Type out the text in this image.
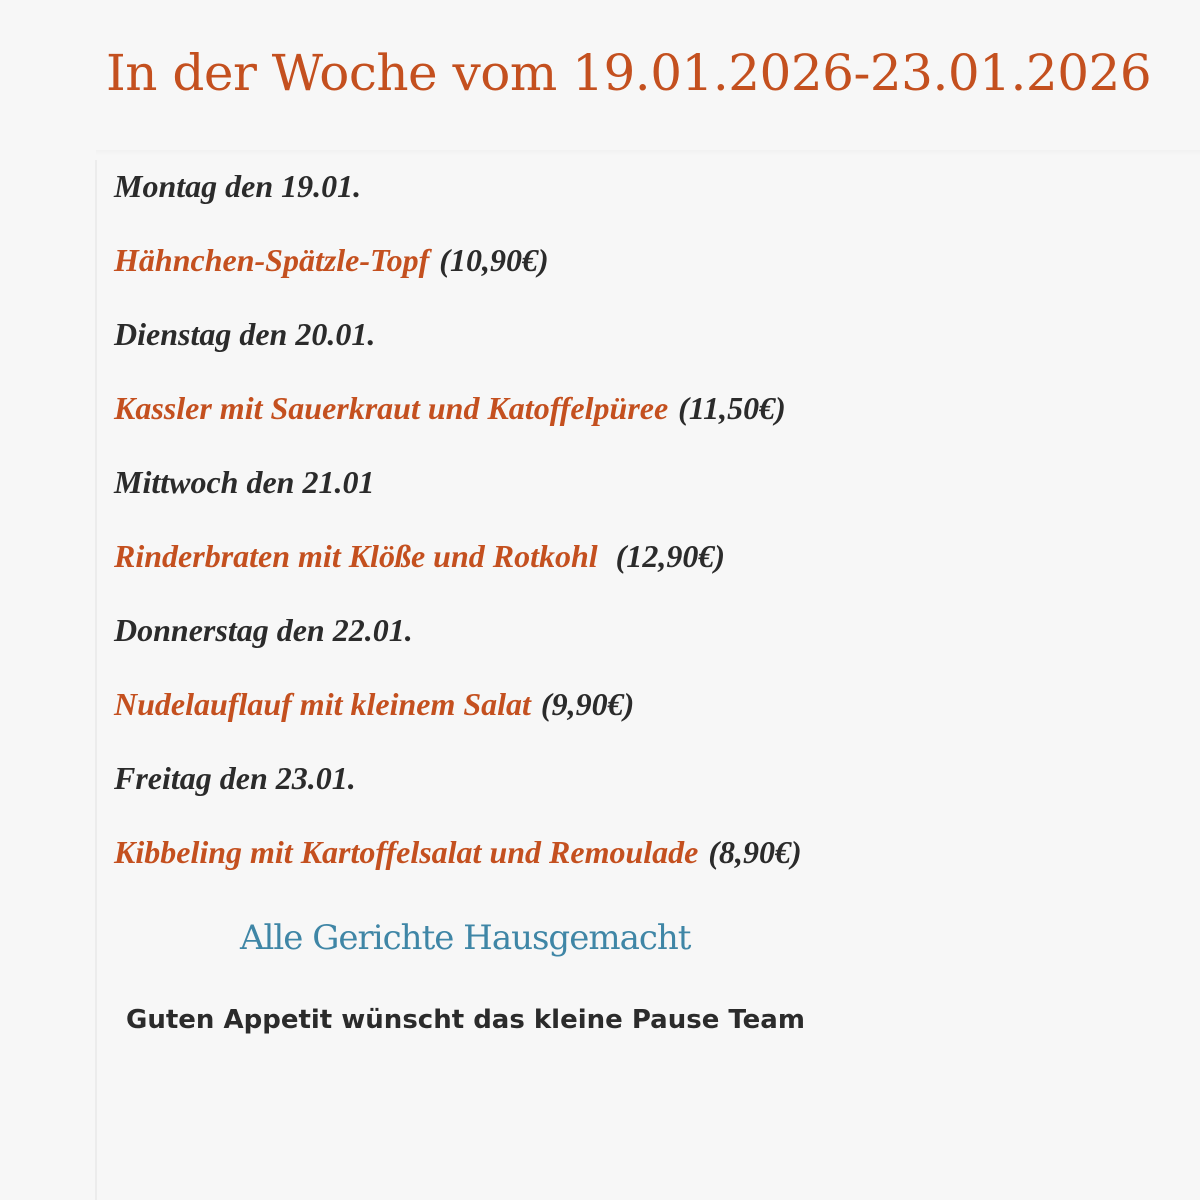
In der Woche vom 19.01.2026-23.01.2026
Montag den 19.01.
Hähnchen-Spätzle-Topf (10,90€)
Dienstag den 20.01.
Kassler mit Sauerkraut und Katoffelpüree (11,50€)
Mittwoch den 21.01
Rinderbraten mit Klöße und Rotkohl (12,90€)
Donnerstag den 22.01.
Nudelauflauf mit kleinem Salat (9,90€)
Freitag den 23.01.
Kibbeling mit Kartoffelsalat und Remoulade (8,90€)
Alle Gerichte Hausgemacht
Guten Appetit wünscht das kleine Pause Team
